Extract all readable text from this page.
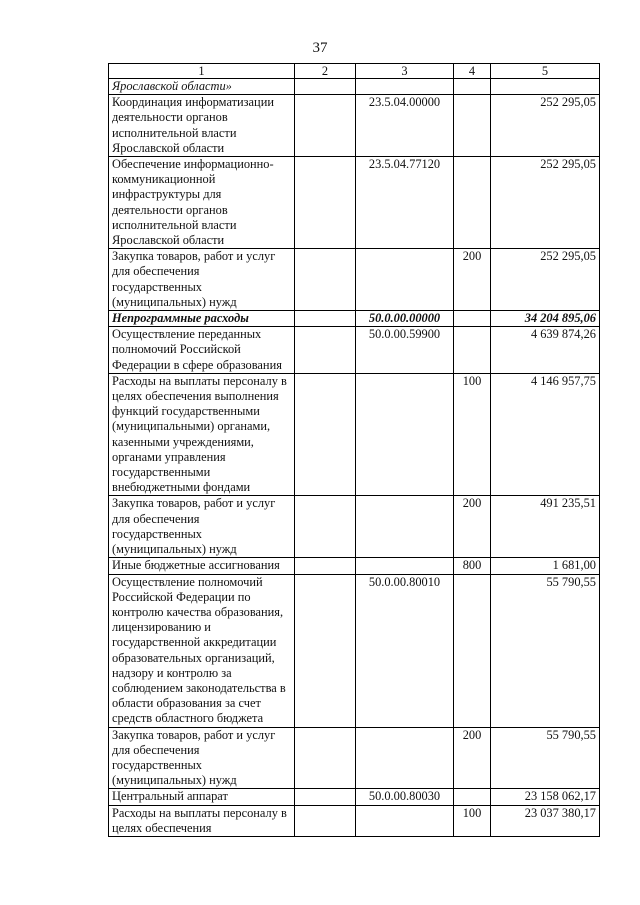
37
1	2	3	4	5
Ярославской области»				
Координация информатизации деятельности органов исполнительной власти Ярославской области		23.5.04.00000		252 295,05
Обеспечение информационно-коммуникационной инфраструктуры для деятельности органов исполнительной власти Ярославской области		23.5.04.77120		252 295,05
Закупка товаров, работ и услуг для обеспечения государственных (муниципальных) нужд			200	252 295,05
Непрограммные расходы		50.0.00.00000		34 204 895,06
Осуществление переданных полномочий Российской Федерации в сфере образования		50.0.00.59900		4 639 874,26
Расходы на выплаты персоналу в целях обеспечения выполнения функций государственными (муниципальными) органами, казенными учреждениями, органами управления государственными внебюджетными фондами			100	4 146 957,75
Закупка товаров, работ и услуг для обеспечения государственных (муниципальных) нужд			200	491 235,51
Иные бюджетные ассигнования			800	1 681,00
Осуществление полномочий Российской Федерации по контролю качества образования, лицензированию и государственной аккредитации образовательных организаций, надзору и контролю за соблюдением законодательства в области образования за счет средств областного бюджета		50.0.00.80010		55 790,55
Закупка товаров, работ и услуг для обеспечения государственных (муниципальных) нужд			200	55 790,55
Центральный аппарат		50.0.00.80030		23 158 062,17
Расходы на выплаты персоналу в целях обеспечения			100	23 037 380,17
